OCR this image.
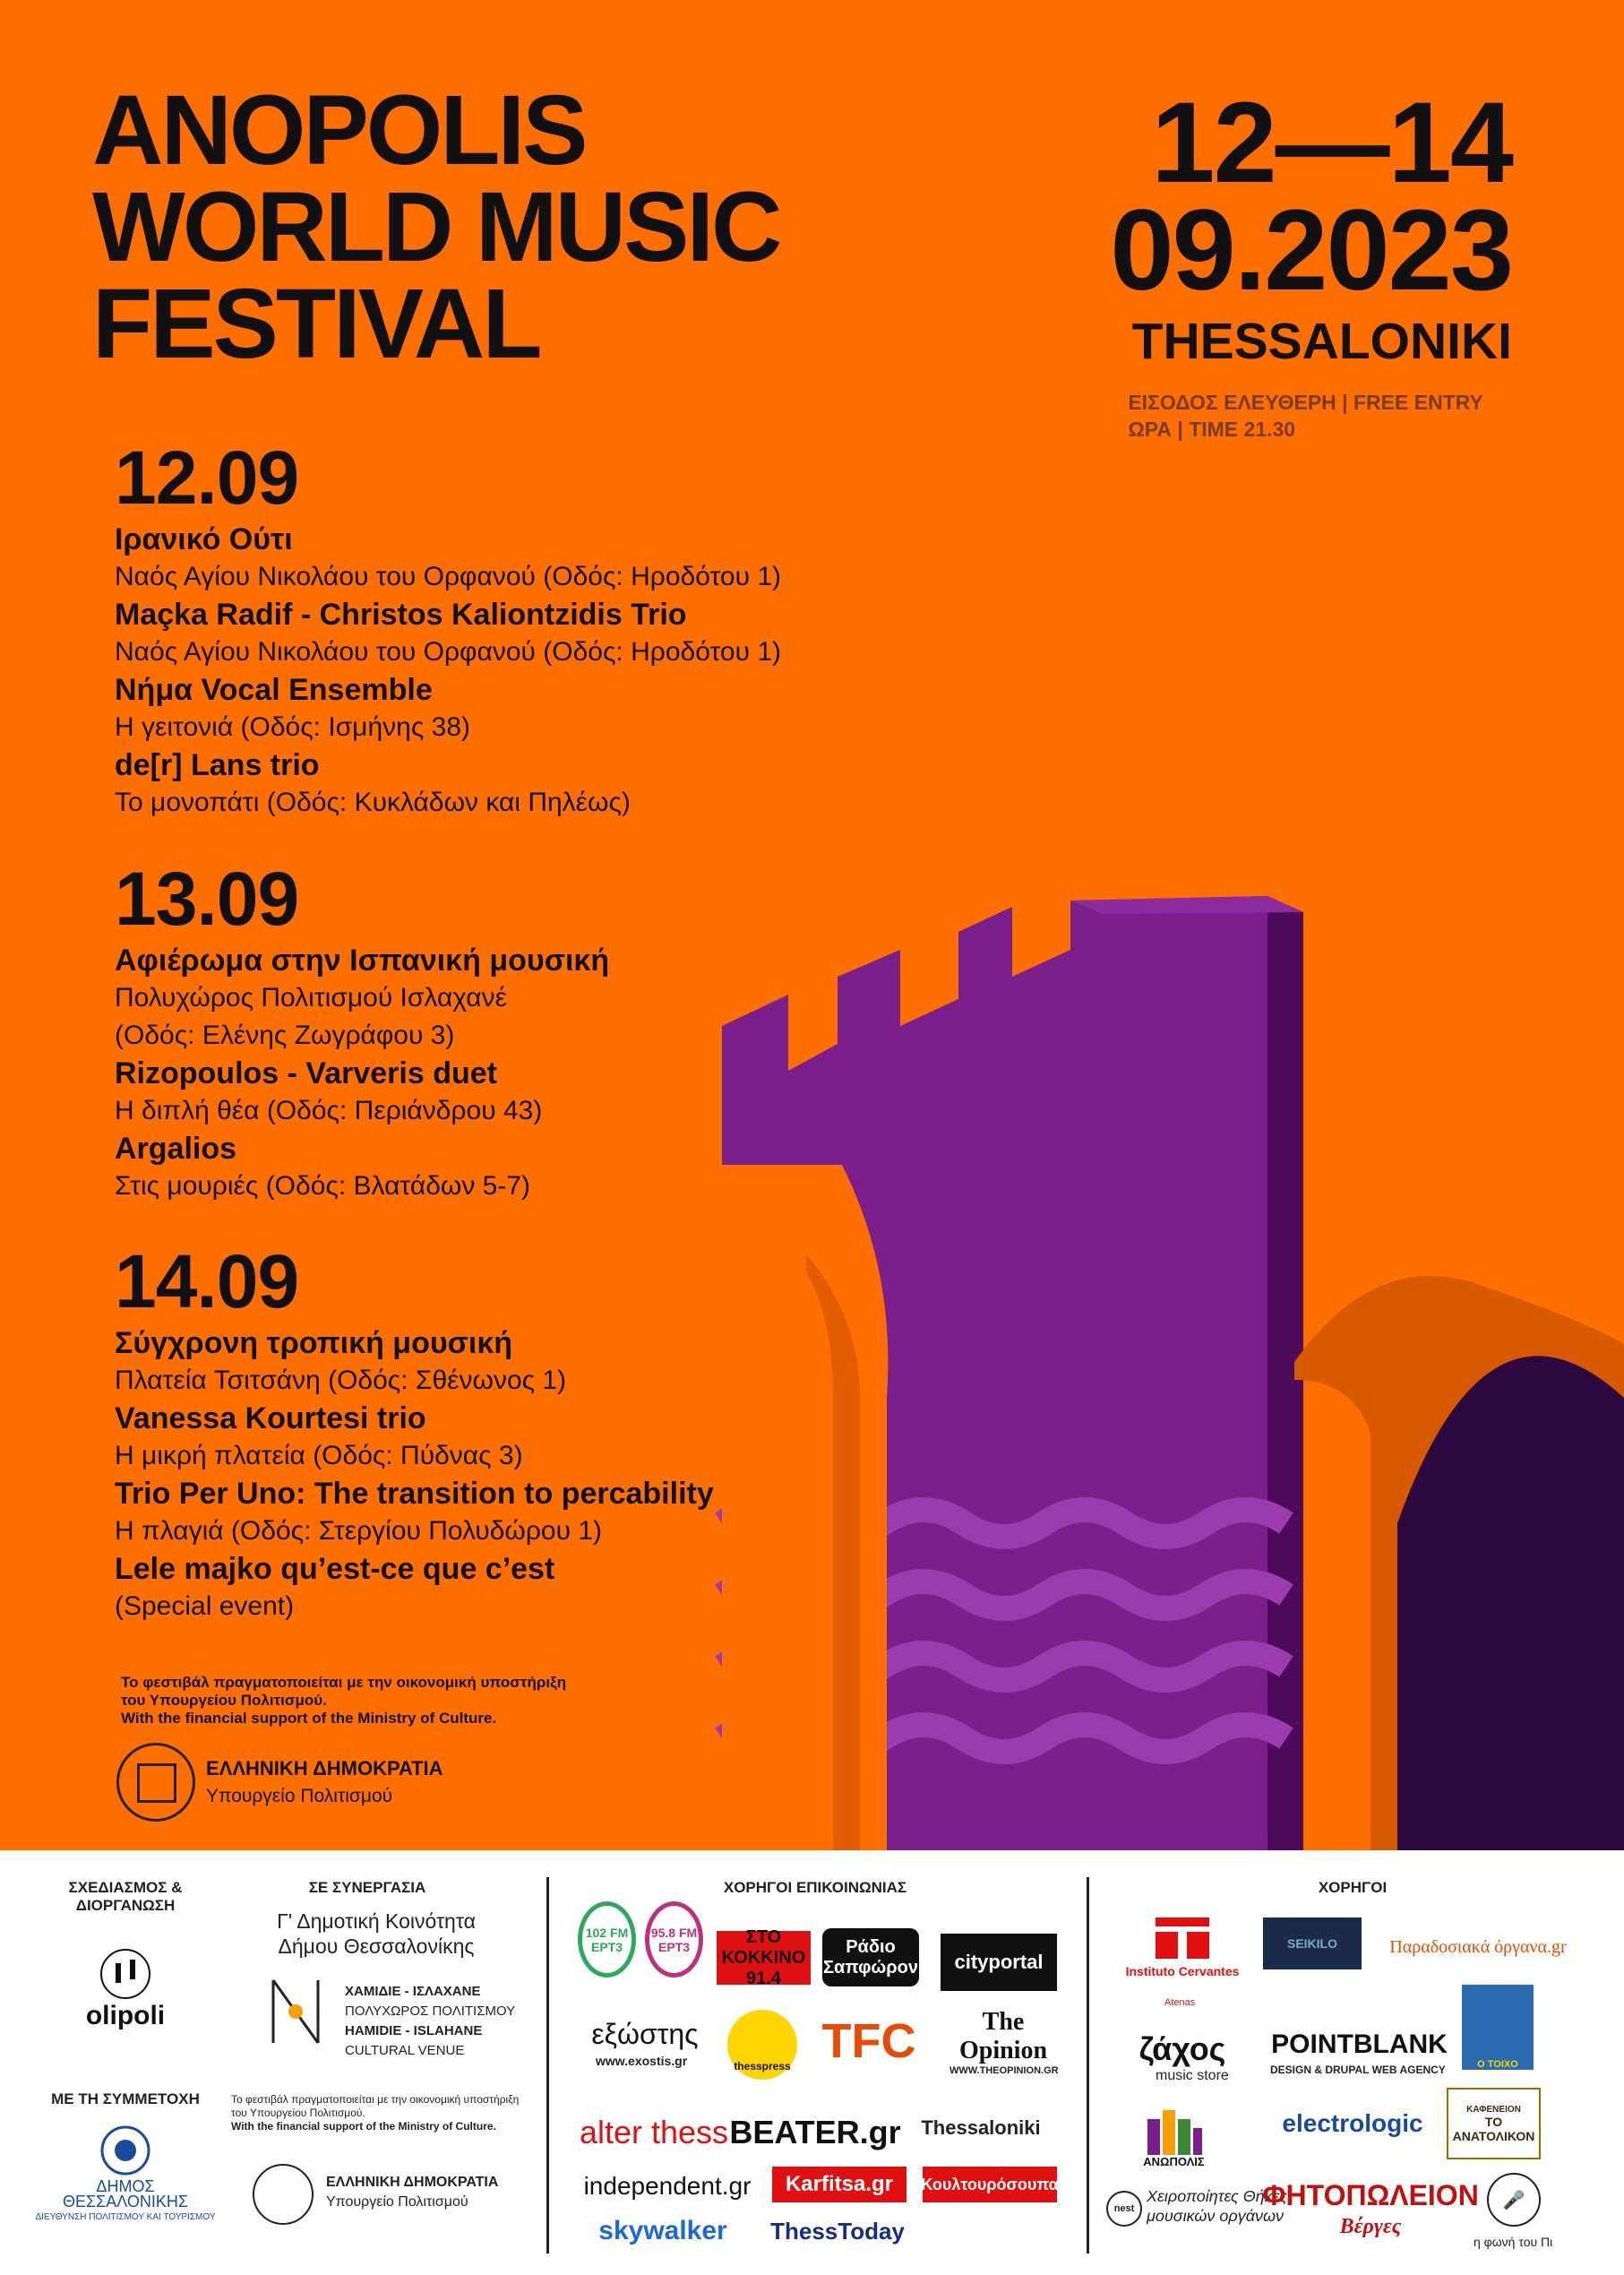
ANOPOLIS
WORLD MUSIC
FESTIVAL
12—14
09.2023
THESSALONIKI
ΕΙΣΟΔΟΣ ΕΛΕΥΘΕΡΗ | FREE ENTRY
ΩΡΑ | TIME 21.30
12.09
Ιρανικό Ούτι
Ναός Αγίου Νικολάου του Ορφανού (Οδός: Ηροδότου 1)
Maçka Radif - Christos Kaliontzidis Trio
Ναός Αγίου Νικολάου του Ορφανού (Οδός: Ηροδότου 1)
Νήμα Vocal Ensemble
Η γειτονιά (Οδός: Ισμήνης 38)
de[r] Lans trio
Το μονοπάτι (Οδός: Κυκλάδων και Πηλέως)
13.09
Αφιέρωμα στην Ισπανική μουσική
Πολυχώρος Πολιτισμού Ισλαχανέ
(Οδός: Ελένης Ζωγράφου 3)
Rizopoulos - Varveris duet
Η διπλή θέα (Οδός: Περιάνδρου 43)
Argalios
Στις μουριές (Οδός: Βλατάδων 5-7)
14.09
Σύγχρονη τροπική μουσική
Πλατεία Τσιτσάνη (Οδός: Σθένωνος 1)
Vanessa Kourtesi trio
Η μικρή πλατεία (Οδός: Πύδνας 3)
Trio Per Uno: The transition to percability
Η πλαγιά (Οδός: Στεργίου Πολυδώρου 1)
Lele majko qu’est-ce que c’est
(Special event)
Το φεστιβάλ πραγματοποιείται με την οικονομική υποστήριξη
του Υπουργείου Πολιτισμού.
With the financial support of the Ministry of Culture.
ΕΛΛΗΝΙΚΗ ΔΗΜΟΚΡΑΤΙΑ
Υπουργείο Πολιτισμού
ΣΧΕΔΙΑΣΜΟΣ &
ΔΙΟΡΓΑΝΩΣΗ
olipoli
ΣΕ ΣΥΝΕΡΓΑΣΙΑ
Γ' Δημοτική Κοινότητα
Δήμου Θεσσαλονίκης
ΧΑΜΙΔΙΕ - ΙΣΛΑΧΑΝΕ
ΠΟΛΥΧΩΡΟΣ ΠΟΛΙΤΙΣΜΟΥ
HAMIDIE - ISLAHANE
CULTURAL VENUE
ΜΕ ΤΗ ΣΥΜΜΕΤΟΧΗ
ΔΗΜΟΣ ΘΕΣΣΑΛΟΝΙΚΗΣ
ΔΙΕΥΘΥΝΣΗ ΠΟΛΙΤΙΣΜΟΥ ΚΑΙ ΤΟΥΡΙΣΜΟΥ
Το φεστιβάλ πραγματοποιείται με την οικονομική υποστήριξη
του Υπουργείου Πολιτισμού.
With the financial support of the Ministry of Culture.
ΕΛΛΗΝΙΚΗ ΔΗΜΟΚΡΑΤΙΑ
Υπουργείο Πολιτισμού
ΧΟΡΗΓΟΙ ΕΠΙΚΟΙΝΩΝΙΑΣ
102 FM ΕΡΤ3
95.8 FM ΕΡΤ3	ΣΤΟ ΚΟΚΚΙΝΟ 91.4
Ράδιο Σαπφώρον	cityportal
εξώστης
www.exostis.gr	thesspress TFC	The Opinion
WWW.THEOPINION.GR
alter thess BEATER.gr	Thessaloniki
independent.gr	Karfitsa.gr	Κουλτουρόσουπα
skywalker	ThessToday
ΧΟΡΗΓΟΙ
Instituto Cervantes
Atenas
SEIKILO	Παραδοσιακά όργανα.gr
ζάχος
music store
POINTBLANK
DESIGN & DRUPAL WEB AGENCY	Ο ΤΟΙΧΟ
ΑΝΩΠΟΛΙΣ
electrologic	ΚΑΦΕΝΕΙΟΝ
ΤΟ ΑΝΑΤΟΛΙΚΟΝ
nest
Χειροποίητες Θήκες
μουσικών οργάνων
ΦΗΤΟΠΩΛΕΙΟΝ
Βέργες
🎤
η φωνή του Πι
